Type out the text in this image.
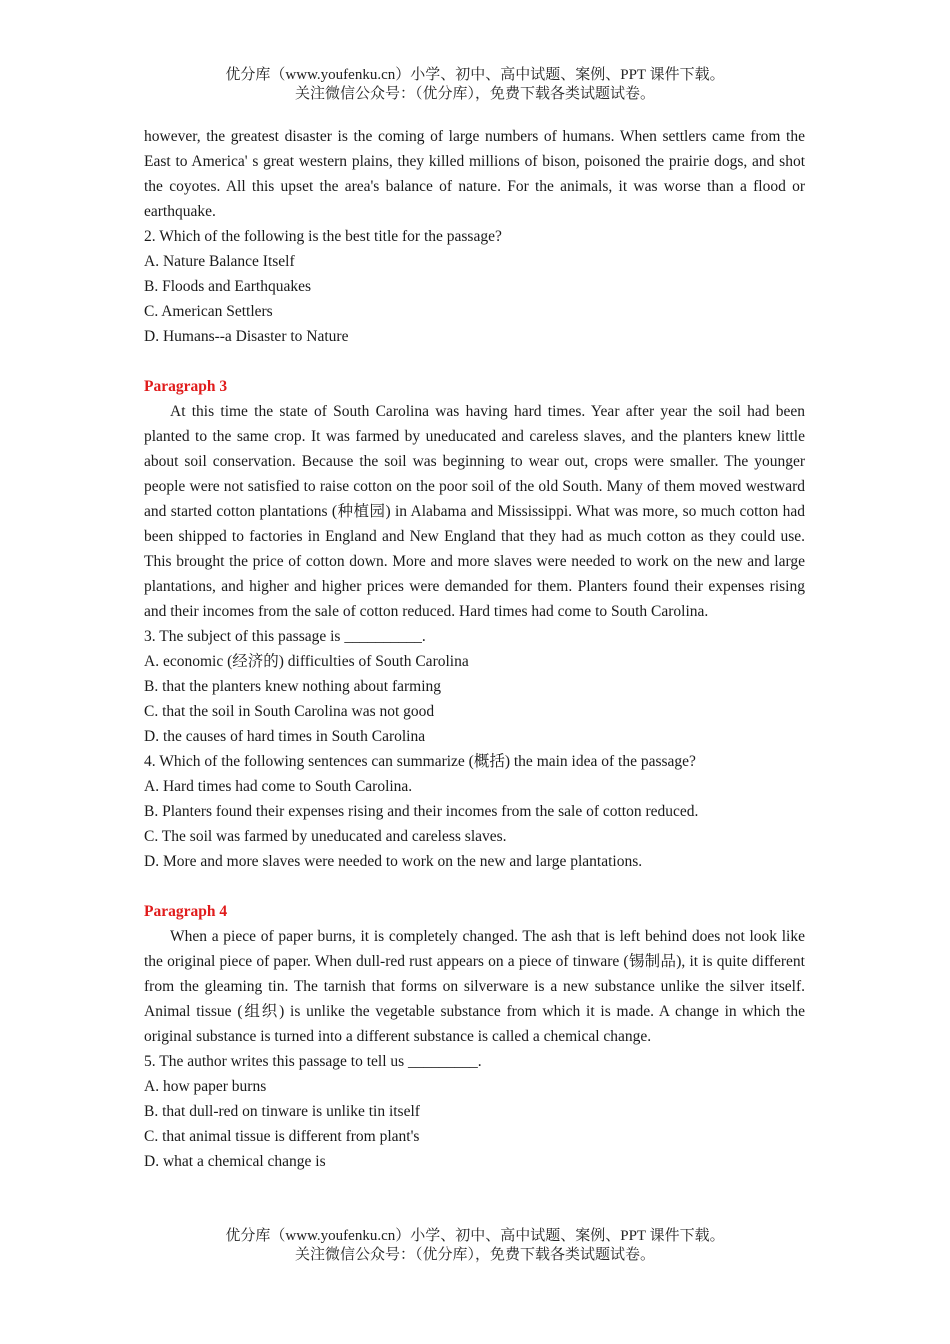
优分库（www.youfenku.cn）小学、初中、高中试题、案例、PPT 课件下载。
关注微信公众号：（优分库），免费下载各类试题试卷。

however, the greatest disaster is the coming of large numbers of humans. When settlers came from the East to America' s great western plains, they killed millions of bison, poisoned the prairie dogs, and shot the coyotes. All this upset the area's balance of nature. For the animals, it was worse than a flood or earthquake.

2. Which of the following is the best title for the passage?

A. Nature Balance Itself

B. Floods and Earthquakes

C. American Settlers

D. Humans--a Disaster to Nature

Paragraph 3

At this time the state of South Carolina was having hard times. Year after year the soil had been planted to the same crop. It was farmed by uneducated and careless slaves, and the planters knew little about soil conservation. Because the soil was beginning to wear out, crops were smaller. The younger people were not satisfied to raise cotton on the poor soil of the old South. Many of them moved westward and started cotton plantations (种植园) in Alabama and Mississippi. What was more, so much cotton had been shipped to factories in England and New England that they had as much cotton as they could use. This brought the price of cotton down. More and more slaves were needed to work on the new and large plantations, and higher and higher prices were demanded for them. Planters found their expenses rising and their incomes from the sale of cotton reduced. Hard times had come to South Carolina.

3. The subject of this passage is __________.

A. economic (经济的) difficulties of South Carolina

B. that the planters knew nothing about farming

C. that the soil in South Carolina was not good

D. the causes of hard times in South Carolina

4. Which of the following sentences can summarize (概括) the main idea of the passage?

A. Hard times had come to South Carolina.

B. Planters found their expenses rising and their incomes from the sale of cotton reduced.

C. The soil was farmed by uneducated and careless slaves.

D. More and more slaves were needed to work on the new and large plantations.

Paragraph 4

When a piece of paper burns, it is completely changed. The ash that is left behind does not look like the original piece of paper. When dull-red rust appears on a piece of tinware (锡制品), it is quite different from the gleaming tin. The tarnish that forms on silverware is a new substance unlike the silver itself. Animal tissue (组织) is unlike the vegetable substance from which it is made. A change in which the original substance is turned into a different substance is called a chemical change.

5. The author writes this passage to tell us _________.

A. how paper burns

B. that dull-red on tinware is unlike tin itself

C. that animal tissue is different from plant's

D. what a chemical change is

优分库（www.youfenku.cn）小学、初中、高中试题、案例、PPT 课件下载。
关注微信公众号：（优分库），免费下载各类试题试卷。
